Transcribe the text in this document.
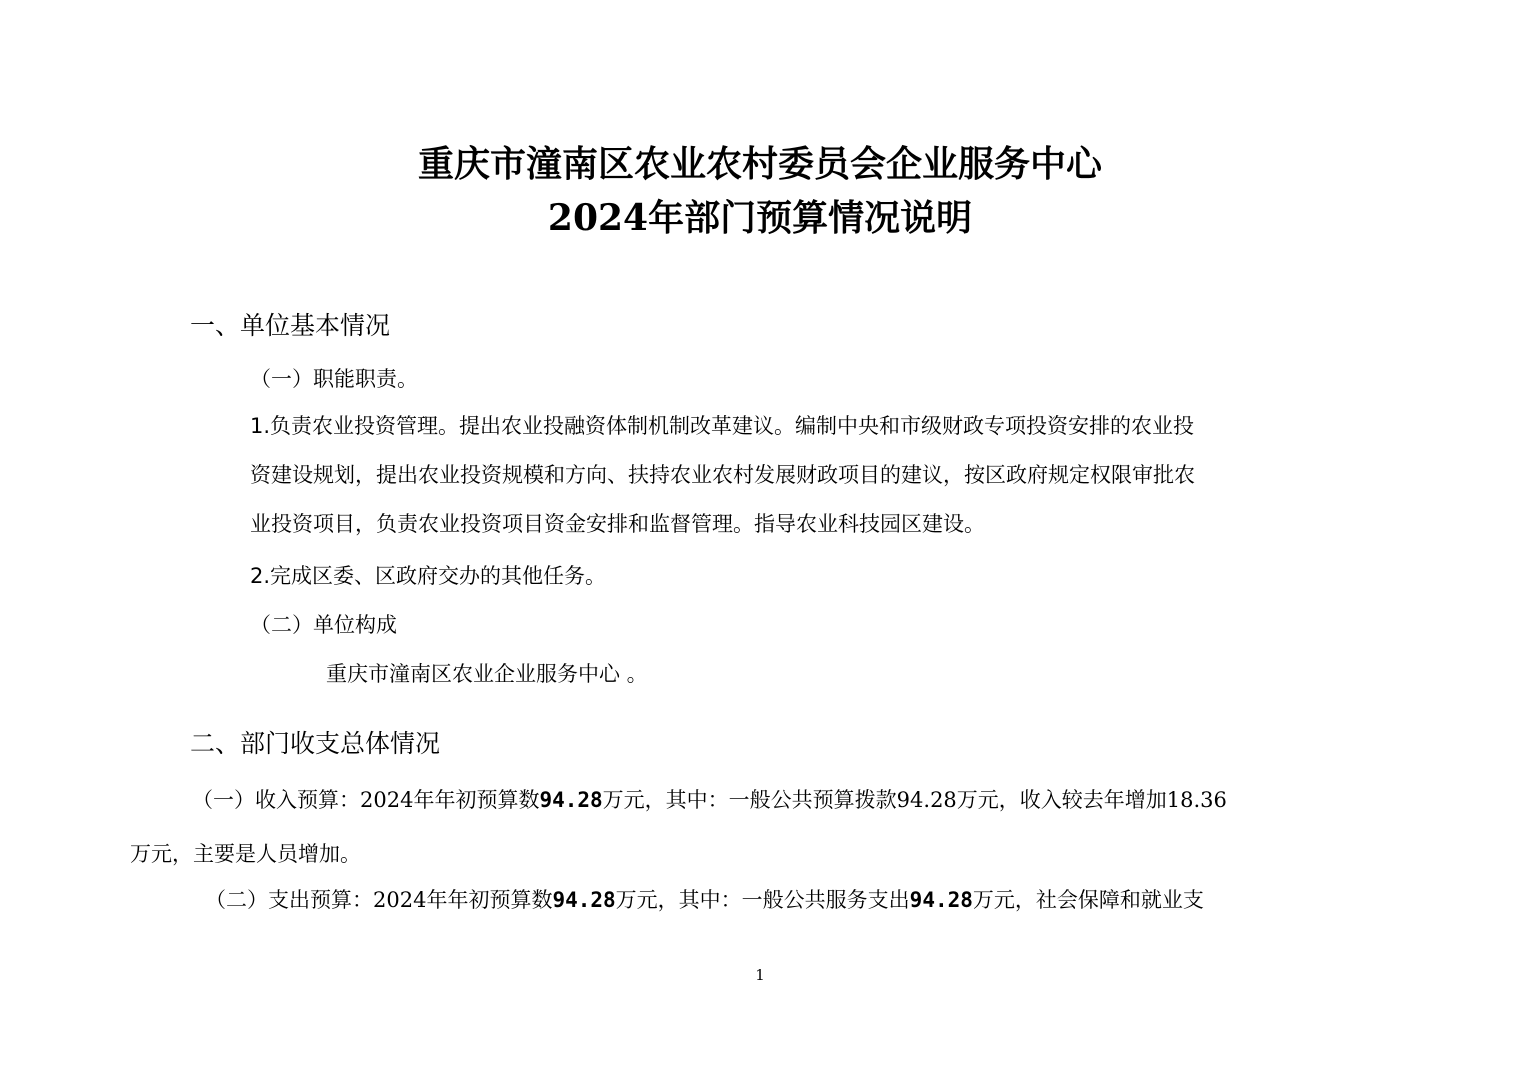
重庆市潼南区农业农村委员会企业服务中心
2024年部门预算情况说明
一、单位基本情况
（一）职能职责。
1.负责农业投资管理。提出农业投融资体制机制改革建议。编制中央和市级财政专项投资安排的农业投
资建设规划，提出农业投资规模和方向、扶持农业农村发展财政项目的建议，按区政府规定权限审批农
业投资项目，负责农业投资项目资金安排和监督管理。指导农业科技园区建设。
2.完成区委、区政府交办的其他任务。
（二）单位构成
重庆市潼南区农业企业服务中心 。
二、部门收支总体情况
（一）收入预算：2024年年初预算数94.28万元，其中：一般公共预算拨款94.28万元，收入较去年增加18.36
万元，主要是人员增加。
（二）支出预算：2024年年初预算数94.28万元，其中：一般公共服务支出94.28万元，社会保障和就业支
1
